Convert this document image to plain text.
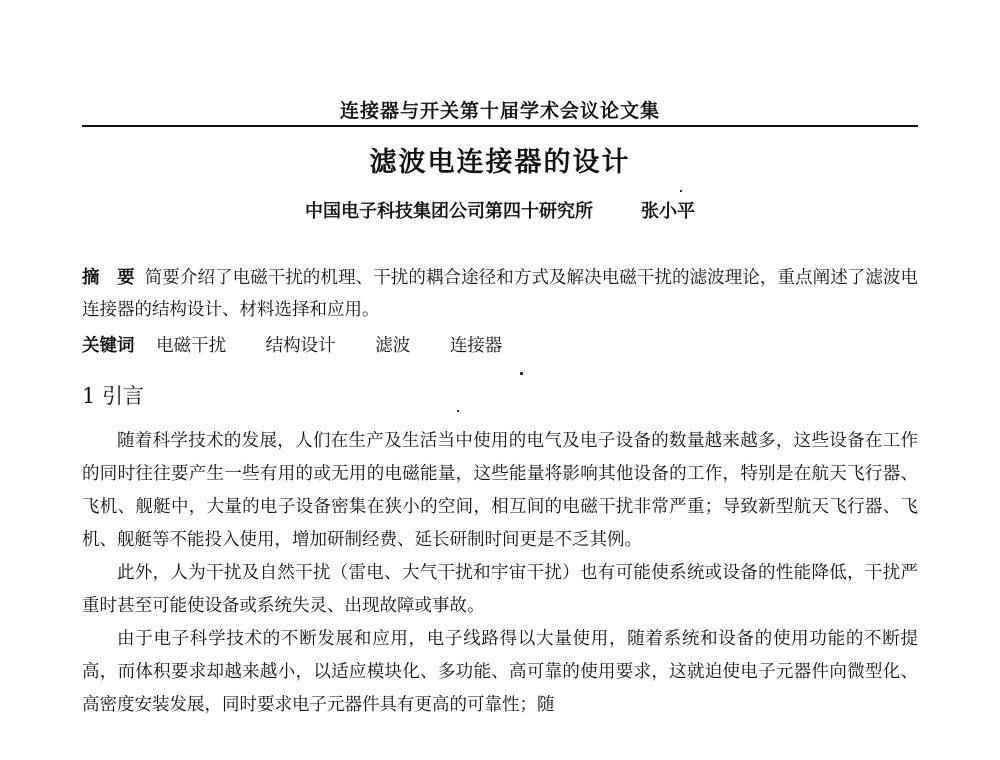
连接器与开关第十届学术会议论文集
滤波电连接器的设计
中国电子科技集团公司第四十研究所	张小平
摘　要 简要介绍了电磁干扰的机理、干扰的耦合途径和方式及解决电磁干扰的滤波理论，重点阐述了滤波电连接器的结构设计、材料选择和应用。
关键词 电磁干扰 结构设计 滤波 连接器
1 引言

随着科学技术的发展，人们在生产及生活当中使用的电气及电子设备的数量越来越多，这些设备在工作的同时往往要产生一些有用的或无用的电磁能量，这些能量将影响其他设备的工作，特别是在航天飞行器、飞机、舰艇中，大量的电子设备密集在狭小的空间，相互间的电磁干扰非常严重；导致新型航天飞行器、飞机、舰艇等不能投入使用，增加研制经费、延长研制时间更是不乏其例。

此外，人为干扰及自然干扰（雷电、大气干扰和宇宙干扰）也有可能使系统或设备的性能降低，干扰严重时甚至可能使设备或系统失灵、出现故障或事故。

由于电子科学技术的不断发展和应用，电子线路得以大量使用，随着系统和设备的使用功能的不断提高，而体积要求却越来越小，以适应模块化、多功能、高可靠的使用要求，这就迫使电子元器件向微型化、高密度安装发展，同时要求电子元器件具有更高的可靠性；随
